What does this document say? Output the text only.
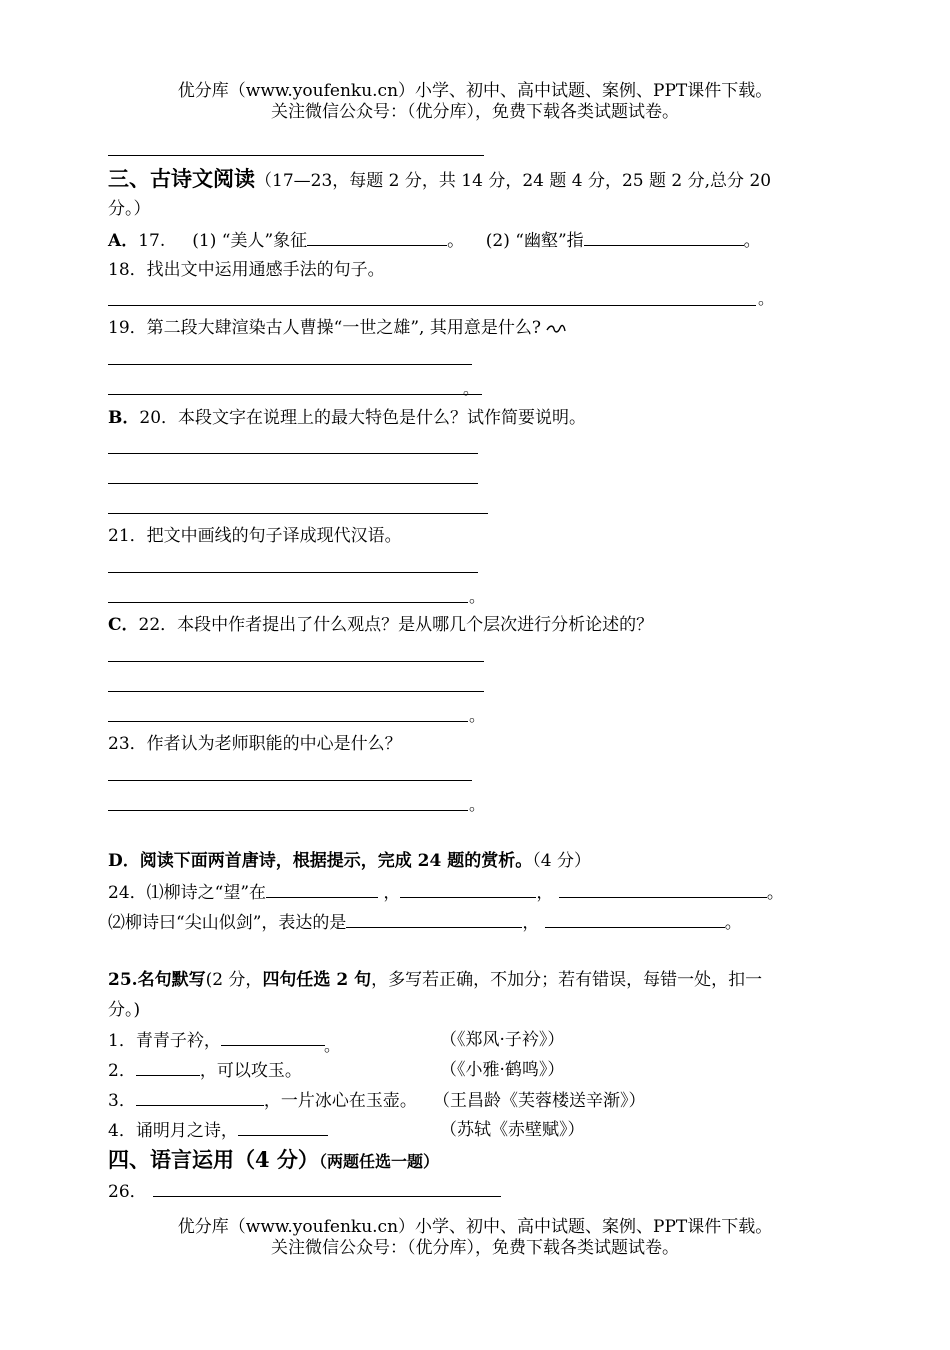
优分库（www.youfenku.cn）小学、初中、高中试题、案例、PPT课件下载。
关注微信公众号：（优分库），免费下载各类试题试卷。
三、古诗文阅读（17—23，每题 2 分，共 14 分，24 题 4 分，25 题 2 分,总分 20
分。）
A．17. (1) “美人”象征	。 (2) “幽壑”指	。
18．找出文中运用通感手法的句子。
。
19．第二段大肆渲染古人曹操“一世之雄”, 其用意是什么?
。
B．20．本段文字在说理上的最大特色是什么？试作简要说明。
21．把文中画线的句子译成现代汉语。
。
C．22．本段中作者提出了什么观点？是从哪几个层次进行分析论述的？
。
23．作者认为老师职能的中心是什么？
。
D．阅读下面两首唐诗，根据提示，完成 24 题的赏析。（4 分）
24．⑴柳诗之“望”在	，	，	。
⑵柳诗曰“尖山似剑”，表达的是	，	。
25.名句默写(2 分，四句任选 2 句，多写若正确，不加分；若有错误，每错一处，扣一
分。)
1．青青子衿，	。	（《郑风·子衿》）
2．	，可以攻玉。	（《小雅·鹤鸣》）
3．	，一片冰心在玉壶。 （王昌龄《芙蓉楼送辛渐》）
4．诵明月之诗，	（苏轼《赤壁赋》）
四、语言运用（4 分）（两题任选一题）
26．
优分库（www.youfenku.cn）小学、初中、高中试题、案例、PPT课件下载。
关注微信公众号：（优分库），免费下载各类试题试卷。
